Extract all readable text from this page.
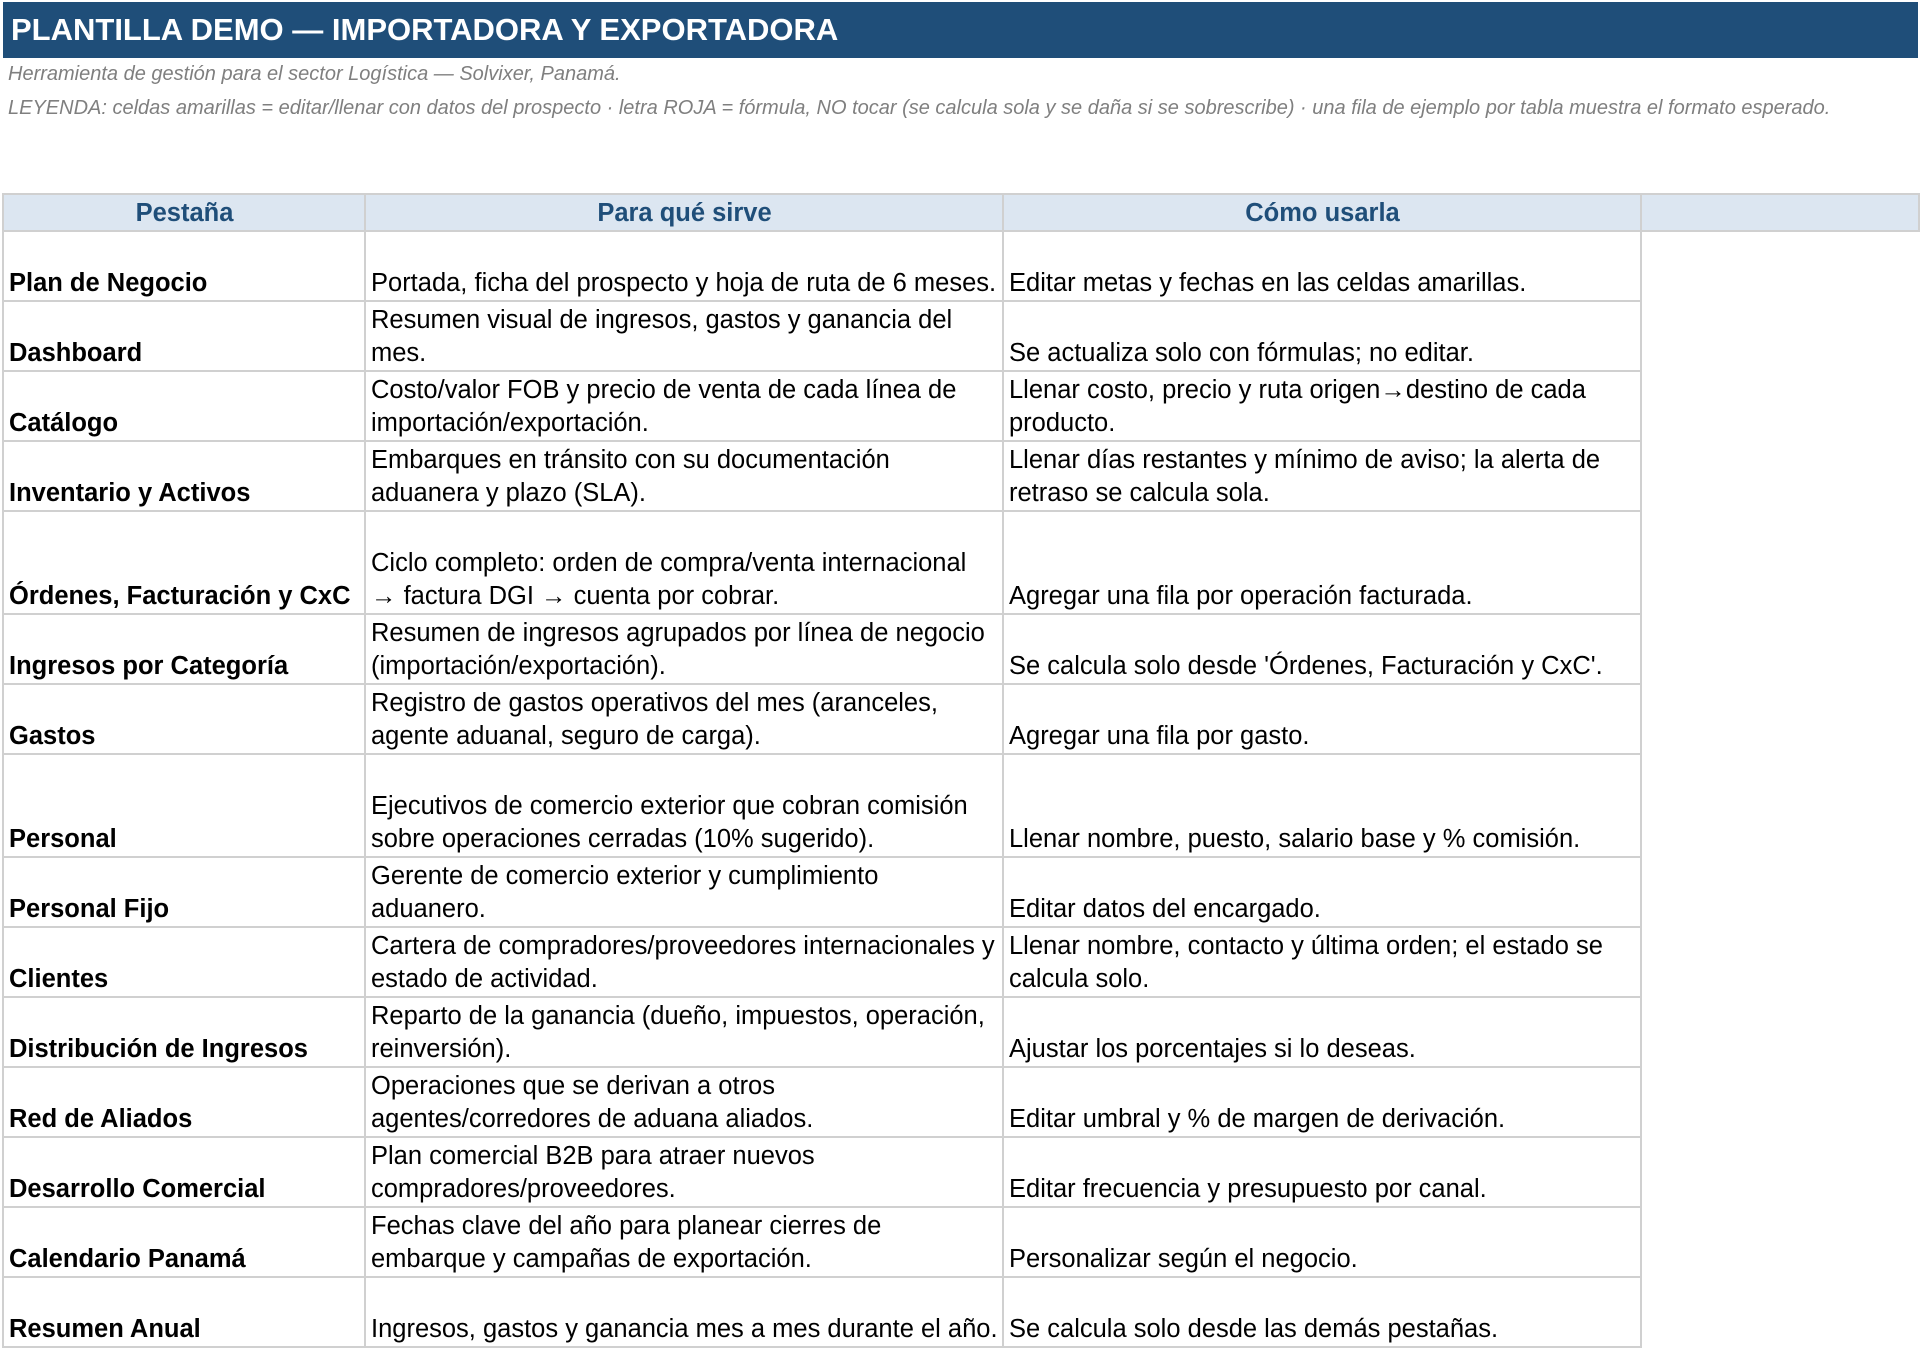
PLANTILLA DEMO — IMPORTADORA Y EXPORTADORA
Herramienta de gestión para el sector Logística — Solvixer, Panamá.
LEYENDA: celdas amarillas = editar/llenar con datos del prospecto · letra ROJA = fórmula, NO tocar (se calcula sola y se daña si se sobrescribe) · una fila de ejemplo por tabla muestra el formato esperado.
Pestaña	Para qué sirve	Cómo usarla	
Plan de Negocio	Portada, ficha del prospecto y hoja de ruta de 6 meses.	Editar metas y fechas en las celdas amarillas.	
Dashboard	Resumen visual de ingresos, gastos y ganancia del mes.	Se actualiza solo con fórmulas; no editar.	
Catálogo	Costo/valor FOB y precio de venta de cada línea de importación/exportación.	Llenar costo, precio y ruta origen→destino de cada producto.	
Inventario y Activos	Embarques en tránsito con su documentación aduanera y plazo (SLA).	Llenar días restantes y mínimo de aviso; la alerta de retraso se calcula sola.	
Órdenes, Facturación y CxC	Ciclo completo: orden de compra/venta internacional → factura DGI → cuenta por cobrar.	Agregar una fila por operación facturada.	
Ingresos por Categoría	Resumen de ingresos agrupados por línea de negocio (importación/exportación).	Se calcula solo desde 'Órdenes, Facturación y CxC'.	
Gastos	Registro de gastos operativos del mes (aranceles, agente aduanal, seguro de carga).	Agregar una fila por gasto.	
Personal	Ejecutivos de comercio exterior que cobran comisión sobre operaciones cerradas (10% sugerido).	Llenar nombre, puesto, salario base y % comisión.	
Personal Fijo	Gerente de comercio exterior y cumplimiento aduanero.	Editar datos del encargado.	
Clientes	Cartera de compradores/proveedores internacionales y estado de actividad.	Llenar nombre, contacto y última orden; el estado se calcula solo.	
Distribución de Ingresos	Reparto de la ganancia (dueño, impuestos, operación, reinversión).	Ajustar los porcentajes si lo deseas.	
Red de Aliados	Operaciones que se derivan a otros agentes/corredores de aduana aliados.	Editar umbral y % de margen de derivación.	
Desarrollo Comercial	Plan comercial B2B para atraer nuevos compradores/proveedores.	Editar frecuencia y presupuesto por canal.	
Calendario Panamá	Fechas clave del año para planear cierres de embarque y campañas de exportación.	Personalizar según el negocio.	
Resumen Anual	Ingresos, gastos y ganancia mes a mes durante el año.	Se calcula solo desde las demás pestañas.	
